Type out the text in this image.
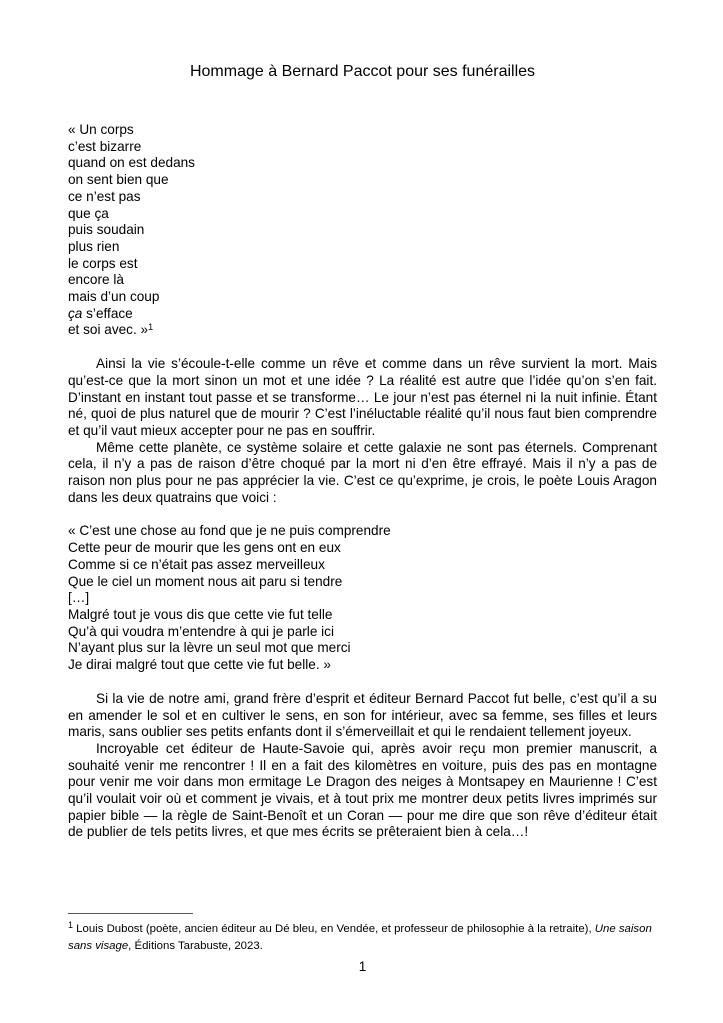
Hommage à Bernard Paccot pour ses funérailles
« Un corps
c’est bizarre
quand on est dedans
on sent bien que
ce n’est pas
que ça
puis soudain
plus rien
le corps est
encore là
mais d’un coup
ça s’efface
et soi avec. »$^1$

Ainsi la vie s’écoule-t-elle comme un rêve et comme dans un rêve survient la mort. Mais qu’est-ce que la mort sinon un mot et une idée ? La réalité est autre que l’idée qu’on s’en fait. D’instant en instant tout passe et se transforme… Le jour n’est pas éternel ni la nuit infinie. Étant né, quoi de plus naturel que de mourir ? C’est l’inéluctable réalité qu’il nous faut bien comprendre et qu’il vaut mieux accepter pour ne pas en souffrir.

Même cette planète, ce système solaire et cette galaxie ne sont pas éternels. Comprenant cela, il n’y a pas de raison d’être choqué par la mort ni d’en être effrayé. Mais il n’y a pas de raison non plus pour ne pas apprécier la vie. C’est ce qu’exprime, je crois, le poète Louis Aragon dans les deux quatrains que voici :

« C’est une chose au fond que je ne puis comprendre
Cette peur de mourir que les gens ont en eux
Comme si ce n’était pas assez merveilleux
Que le ciel un moment nous ait paru si tendre
[…]
Malgré tout je vous dis que cette vie fut telle
Qu’à qui voudra m’entendre à qui je parle ici
N’ayant plus sur la lèvre un seul mot que merci
Je dirai malgré tout que cette vie fut belle. »

Si la vie de notre ami, grand frère d’esprit et éditeur Bernard Paccot fut belle, c’est qu’il a su en amender le sol et en cultiver le sens, en son for intérieur, avec sa femme, ses filles et leurs maris, sans oublier ses petits enfants dont il s’émerveillait et qui le rendaient tellement joyeux.

Incroyable cet éditeur de Haute-Savoie qui, après avoir reçu mon premier manuscrit, a souhaité venir me rencontrer ! Il en a fait des kilomètres en voiture, puis des pas en montagne pour venir me voir dans mon ermitage Le Dragon des neiges à Montsapey en Maurienne ! C’est qu’il voulait voir où et comment je vivais, et à tout prix me montrer deux petits livres imprimés sur papier bible — la règle de Saint-Benoît et un Coran — pour me dire que son rêve d’éditeur était de publier de tels petits livres, et que mes écrits se prêteraient bien à cela…!

$^1$ Louis Dubost (poète, ancien éditeur au Dé bleu, en Vendée, et professeur de philosophie à la retraite), Une saison sans visage, Éditions Tarabuste, 2023.

1
